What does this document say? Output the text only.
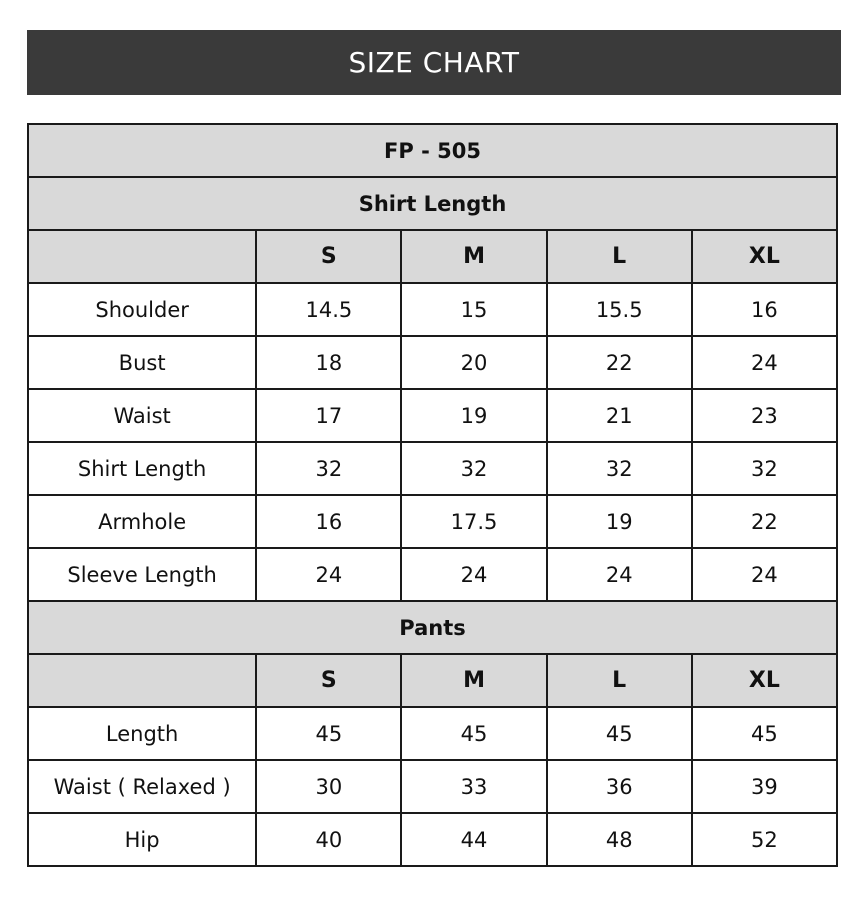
SIZE CHART
FP - 505				
Shirt Length				
	S	M	L	XL
Shoulder	14.5	15	15.5	16
Bust	18	20	22	24
Waist	17	19	21	23
Shirt Length	32	32	32	32
Armhole	16	17.5	19	22
Sleeve Length	24	24	24	24
Pants				
	S	M	L	XL
Length	45	45	45	45
Waist ( Relaxed )	30	33	36	39
Hip	40	44	48	52
